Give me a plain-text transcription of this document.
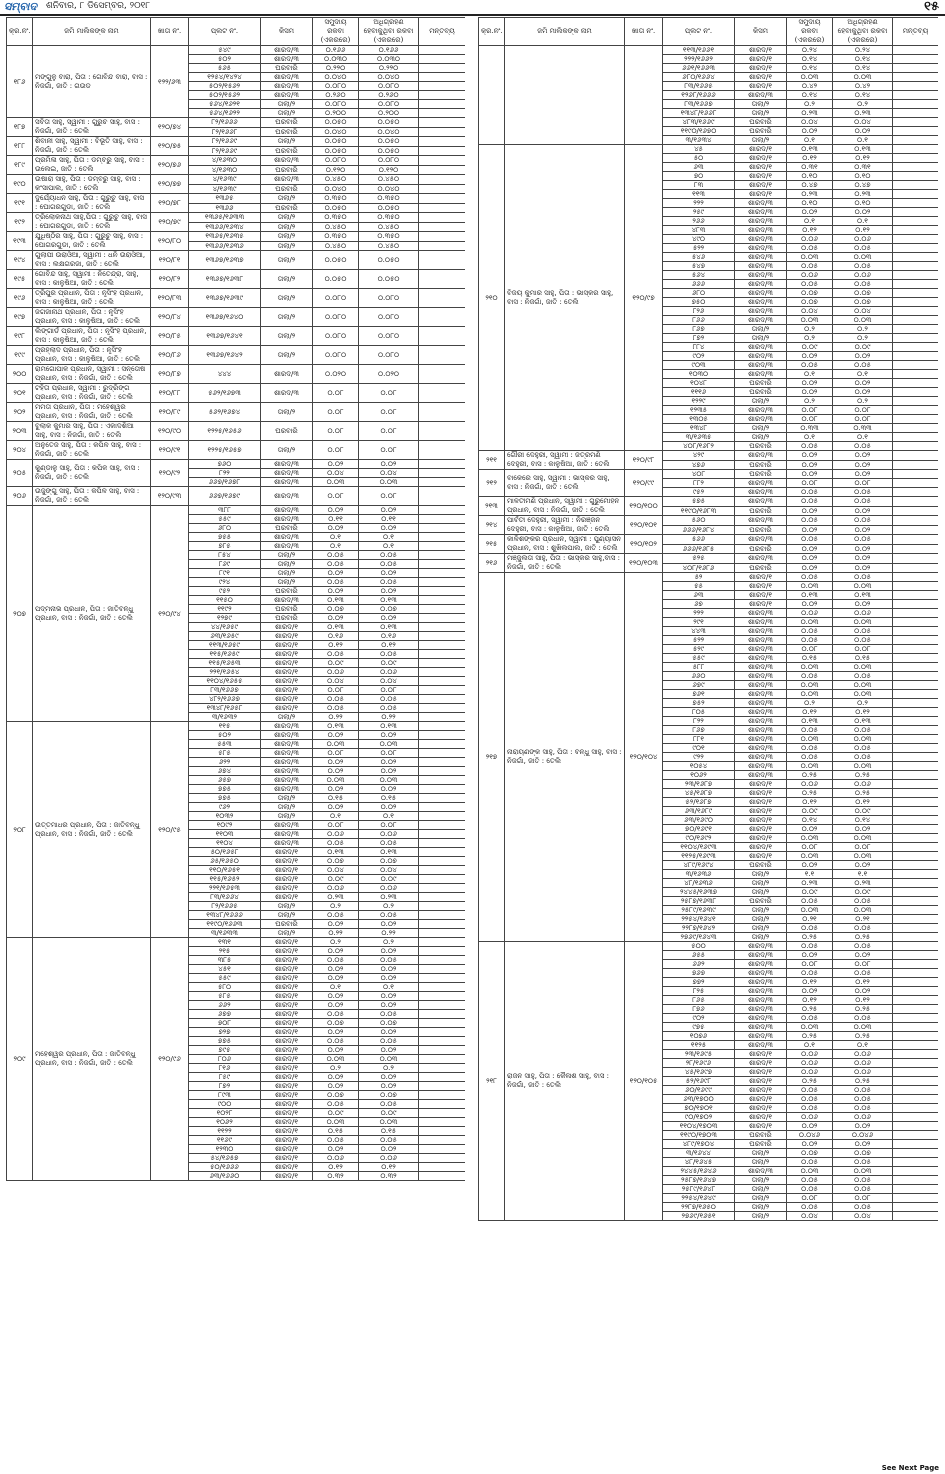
ସମ୍ବାଦ ଶନିବାର, ୮ ଡିସେମ୍ବର, ୨୦୧୮	୧୫
କ୍ର.ନଂ.	ଜମି ମାଲିକଙ୍କ ନାମ	ଖାତା ନଂ.	ପ୍ଲଟ ନଂ.	କିସମ	ସମୁଦାୟ ରକବା (ଏକରରେ)	ଅଧିଗ୍ରହଣ ହେବାକୁଥିବା ରକବା (ଏକରରେ)	ମନ୍ତବ୍ୟ
୧୮୬	ମଙ୍ଗୁଳୁ ବାରା, ପିତା : ଗୋବିନ୍ଦ ବାରା, ବାସ : ନିଜଗାଁ, ଜାତି : ଗଉଡ	୧୨୨/୬୩	୫୪୯	ଶାରଦ/୩	୦.୧୬୬	୦.୧୬୬	
			୫୦୨	ଶାରଦ/୩	୦.୦୩୦	୦.୦୩୦	
			୫୬୫	ଘରବାରି	୦.୨୨୦	୦.୨୨୦	
			୧୨୫୪/୧୪୨୪	ଶାରଦ/୩	୦.୦୪୦	୦.୦୪୦	
			୫୦୨/୧୫୬୨	ଶାରଦ/୩	୦.୦୮୦	୦.୦୮୦	
			୫୦୨/୧୫୬୨	ଶାରଦ/୩	୦.୨୬୦	୦.୨୬୦	
			୫୬୪/୧୬୨୧	ତାଲା/୨	୦.୦୮୦	୦.୦୮୦	
			୫୬୪/୧୬୨୨	ତାଲା/୨	୦.୨୦୦	୦.୨୦୦	
୧୮୭	ସବିତା ସାହୁ, ସ୍ୱାମୀ : ଗୁରୁଚ ସାହୁ, ବାସ : ନିଜଗାଁ, ଜାତି : ତେଲି	୧୨୦/୭୪	୮୨/୧୬୬୬	ଘରବାରି	୦.୦୫୦	୦.୦୫୦	
			୮୨/୧୬୬୮	ଘରବାରି	୦.୦୪୦	୦.୦୪୦	
୧୮୮	ଶିବାନୀ ସାହୁ, ସ୍ୱାମୀ : ବିଭୂତି ସାହୁ, ବାସ : ନିଜଗାଁ, ଜାତି : ତେଲି	୧୨୦/୭୫	୮୨/୧୬୬୯	ତାଲା/୨	୦.୦୫୦	୦.୦୫୦	
			୮୨/୧୬୬୯	ଘରବାରି	୦.୦୫୦	୦.୦୫୦	
୧୮୯	ପ୍ରମିଳା ସାହୁ, ପିତା : ଡମ୍ବରୁ ସାହୁ, ବାସ : ଉଲେଇ, ଜାତି : ତେଲି	୧୨୦/୭୬	୪/୧୬୩୦	ଶାରଦ/୩	୦.୦୮୦	୦.୦୮୦	
			୪/୧୬୩୦	ଘରବାରି	୦.୧୨୦	୦.୧୨୦	
୧୯୦	ଉଷାରା ସାହୁ, ପିତା : ଡମ୍ବରୁ ସାହୁ, ବାସ : କଂସାପାଲ, ଜାତି : ତେଲି	୧୨୦/୭୭	୪/୧୬୩୯	ଶାରଦ/୩	୦.୪୫୦	୦.୪୫୦	
			୪/୧୬୩୯	ଘରବାରି	୦.୦୪୦	୦.୦୪୦	
୧୯୧	ଦୁର୍ଯ୍ୟୋଧନ ସାହୁ, ପିତା : ଗୁରୁଚୁ ସାହୁ, ବାସ : ଘୋଗରଗୁଡା, ଜାତି : ତେଲି	୧୨୦/୭୮	୧୩୬୫	ତାଲା/୨	୦.୩୫୦	୦.୩୫୦	
			୧୩୬୬	ଘରବାରି	୦.୦୫୦	୦.୦୫୦	
୧୯୨	ତ୍ରିଲୋକନାଥ ସାହୁ,ପିତା : ଗୁରୁଚୁ ସାହୁ, ବାସ : ଘୋଗରଗୁଡା, ଜାତି : ତେଲି	୧୨୦/୭୯	୧୩୬୫/୧୬୩୩	ତାଲା/୨	୦.୩୫୦	୦.୩୫୦	
			୧୩୬୬/୧୬୩୪	ତାଲା/୨	୦.୪୫୦	୦.୪୫୦	
୧୯୩	ଯୁଧିଷ୍ଠିର ସାହୁ, ପିତା : ଗୁରୁଚୁ ସାହୁ, ବାସ : ଘୋଗରଗୁଡା, ଜାତି : ତେଲି	୧୨୦/୮୦	୧୩୬୫/୧୬୩୫	ତାଲା/୨	୦.୩୫୦	୦.୩୫୦	
			୧୩୬୬/୧୬୩୬	ତାଲା/୨	୦.୪୫୦	୦.୪୫୦	
୧୯୪	ଗୁଲାପୀ ଉରାଓଁଆ, ସ୍ୱାମୀ : ଧନି ଉରାଓଁଆ, ବାସ : ଲକ୍ଷଗରଜା, ଜାତି : ତେଲି	୧୨୦/୮୧	୧୩୬୭/୧୬୩୭	ତାଲା/୨	୦.୦୫୦	୦.୦୫୦	
୧୯୫	ଗୋବିନ୍ଦ ସାହୁ, ସ୍ୱାମୀ : ନିତେନ୍ଦ୍ରା, ସାହୁ, ବାସ : କାଳୁଷିଆ, ଜାତି : ତେଲି	୧୨୦/୮୨	୧୩୬୭/୧୬୩୮	ତାଲା/୨	୦.୦୫୦	୦.୦୫୦	
୧୯୬	ତ୍ରିପୁର ପ୍ରଧାନ, ପିତା : ନୃସିଂହ ପ୍ରଧାନ, ବାସ : କାଳୁଷିଆ, ଜାତି : ତେଲି	୧୨୦/୮୩	୧୩୬୭/୧୬୩୯	ତାଲା/୨	୦.୦୮୦	୦.୦୮୦	
୧୯୭	ଜଗଜାନାଥ ପ୍ରଧାନ, ପିତା : ନୃସିଂହ ପ୍ରଧାନ, ବାସ : କାଳୁଷିଆ, ଜାତି : ତେଲି	୧୨୦/୮୪	୧୩୬୭/୧୬୪୦	ତାଲା/୨	୦.୦୮୦	୦.୦୮୦	
୧୯୮	ଲିଙ୍ଗାର୍ଡ ପ୍ରଧାନ, ପିତା : ନୃସିଂହ ପ୍ରଧାନ, ବାସ : କାଳୁଷିଆ, ଜାତି : ତେଲି	୧୨୦/୮୫	୧୩୬୭/୧୬୪୧	ତାଲା/୨	୦.୦୮୦	୦.୦୮୦	
୧୯୯	ପ୍ରହ୍ଲାଦ ପ୍ରଧାନ, ପିତା : ନୃସିଂହ ପ୍ରଧାନ, ବାସ : କାଳୁଷିଆ, ଜାତି : ତେଲି	୧୨୦/୮୬	୧୩୬୭/୧୬୪୨	ତାଲା/୨	୦.୦୮୦	୦.୦୮୦	
୨୦୦	ରାମଗୋପାଳ ପ୍ରଧାନ, ସ୍ୱାମୀ : ସନ୍ତୋଷ ପ୍ରଧାନ, ବାସ : ନିଜଗାଁ, ଜାତି : ତେଲି	୧୨୦/୮୭	୪୪୪	ଶାରଦ/୩	୦.୦୨୦	୦.୦୨୦	
୨୦୧	ଟହିତା ପ୍ରଧାନ, ସ୍ୱାମୀ : ରୁଦ୍ରିଙ୍ଗ ପ୍ରଧାନ, ବାସ : ନିଜଗାଁ, ଜାତି : ତେଲି	୧୨୦/୮୮	୫୬୨/୧୬୭୩	ଶାରଦ/୩	୦.୦୮	୦.୦୮	
୨୦୨	ମମତା ପ୍ରଧାନ, ପିତା : ମହେଶ୍ୱର ପ୍ରଧାନ, ବାସ : ନିଜଗାଁ, ଜାତି : ତେଲି	୧୨୦/୮୯	୫୬୨/୧୬୭୪	ତାଲା/୨	୦.୦୮	୦.୦୮	
୨୦୩	ବୁଲାକ କୁମାର ସାହୁ, ପିତା : ଏକାଦଶିଆ ସାହୁ, ବାସ : ନିଜଗାଁ, ଜାତି : ତେଲି	୧୨୦/୯୦	୧୨୨୫/୧୬୫୬	ଘରବାରି	୦.୦୮	୦.୦୮	
୨୦୪	ଅନୁତେଜ ସାହୁ, ପିତା : କପିଳ ସାହୁ, ବାସ : ନିଜଗାଁ, ଜାତି : ତେଲି	୧୨୦/୯୧	୧୨୨୫/୧୬୫୭	ତାଲା/୨	୦.୦୮	୦.୦୮	
୨୦୫	କୁଣ୍ଡାଳୁ ସାହୁ, ପିତା : କପିଳ ସାହୁ, ବାସ : ନିଜଗାଁ, ଜାତି : ତେଲି	୧୨୦/୯୨	୭୬୦	ଶାରଦ/୩	୦.୦୨	୦.୦୨	
			୮୨୨	ଶାରଦ/୩	୦.୦୪	୦.୦୪	
			୬୬୭/୧୬୭୮	ଶାରଦ/୩	୦.୦୩	୦.୦୩	
୨୦୬	ଉଜୁଙ୍ଗୁ ସାହୁ, ପିତା : କପିଳ ସାହୁ, ବାସ : ନିଜଗାଁ, ଜାତି : ତେଲି	୧୨୦/୯୩	୬୬୭/୧୬୭୯	ଶାରଦ/୩	୦.୦୮	୦.୦୮	
୨୦୭	ପଦ୍ମନାଭ ପ୍ରଧାନ, ପିତା : ଜାତିବନ୍ଧୁ ପ୍ରଧାନ, ବାସ : ନିଜଗାଁ, ଜାତି : ତେଲି	୧୨୦/୯୪	୩୮୮	ଶାରଦ/୩	୦.୦୨	୦.୦୨	
			୫୫୯	ଶାରଦ/୩	୦.୧୧	୦.୧୧	
			୬୮୦	ଘରବାରି	୦.୦୨	୦.୦୨	
			୭୫୫	ଶାରଦ/୩	୦.୧	୦.୧	
			୭୮୫	ଶାରଦ/୩	୦.୧	୦.୧	
			୮୫୪	ତାଲା/୨	୦.୦୫	୦.୦୫	
			୮୬୯	ତାଲା/୨	୦.୦୫	୦.୦୫	
			୮୯୧	ତାଲା/୨	୦.୦୨	୦.୦୨	
			୯୨୪	ତାଲା/୨	୦.୦୫	୦.୦୫	
			୯୫୨	ଘରବାରି	୦.୦୨	୦.୦୨	
			୧୧୫୦	ଶାରଦ/୩	୦.୧୩	୦.୧୩	
			୧୧୯୨	ଘରବାରି	୦.୦୭	୦.୦୭	
			୧୨୭୯	ଘରବାରି	୦.୦୨	୦.୦୨	
			୪୪/୧୬୫୯	ଶାରଦ/୧	୦.୧୩	୦.୧୩	
			୬୩/୧୬୫୯	ଶାରଦ/୧	୦.୧୬	୦.୧୬	
			୧୧୩/୧୬୫୯	ଶାରଦ/୧	୦.୧୨	୦.୧୨	
			୧୧୫/୧୬୫୯	ଶାରଦ/୧	୦.୦୫	୦.୦୫	
			୧୧୫/୧୬୫୩	ଶାରଦ/୧	୦.୦୯	୦.୦୯	
			୨୨୧/୧୬୫୪	ଶାରଦ/୧	୦.୦୬	୦.୦୬	
			୧୧୦୪/୧୬୫୫	ଶାରଦ/୧	୦.୦୪	୦.୦୪	
			୮୩/୧୬୬୭	ଶାରଦ/୧	୦.୦୮	୦.୦୮	
			୪୮୨/୧୬୬୭	ଶାରଦ/୧	୦.୦୫	୦.୦୫	
			୧୩୪୮/୧୬୫୮	ଶାରଦ/୧	୦.୦୫	୦.୦୫	
			୩/୧୬୩୨	ତାଲା/୨	୦.୨୨	୦.୨୨	
୨୦୮	ଉତ୍ତମାଧର ପ୍ରଧାନ, ପିତା : ଜାତିବନ୍ଧୁ ପ୍ରଧାନ, ବାସ : ନିଜଗାଁ, ଜାତି : ତେଲି	୧୨୦/୯୫	୧୧୫	ଶାରଦ/୩	୦.୧୩	୦.୧୩	
			୫୦୨	ଶାରଦ/୩	୦.୦୨	୦.୦୨	
			୫୫୩	ଶାରଦ/୩	୦.୦୩	୦.୦୩	
			୫୮୫	ଶାରଦ/୩	୦.୦୮	୦.୦୮	
			୬୨୨	ଶାରଦ/୩	୦.୦୨	୦.୦୨	
			୬୭୪	ଶାରଦ/୩	୦.୦୨	୦.୦୨	
			୬୫୭	ଶାରଦ/୩	୦.୦୩	୦.୦୩	
			୭୭୫	ଶାରଦ/୩	୦.୦୨	୦.୦୨	
			୭୭୫	ତାଲା/୨	୦.୧୫	୦.୧୫	
			୯୬୨	ତାଲା/୨	୦.୦୨	୦.୦୨	
			୧୦୩୨	ତାଲା/୨	୦.୧	୦.୧	
			୧୦୯୨	ଶାରଦ/୩	୦.୦୮	୦.୦୮	
			୧୧୦୩	ଶାରଦ/୩	୦.୦୬	୦.୦୬	
			୧୧୦୪	ଶାରଦ/୩	୦.୦୫	୦.୦୫	
			୫୦/୧୬୫୮	ଶାରଦ/୧	୦.୧୩	୦.୧୩	
			୬୫/୧୬୫୦	ଶାରଦ/୧	୦.୦୭	୦.୦୭	
			୧୧୦/୧୬୫୧	ଶାରଦ/୧	୦.୦୪	୦.୦୪	
			୧୧୫/୧୬୫୨	ଶାରଦ/୧	୦.୦୯	୦.୦୯	
			୨୨୧/୧୬୫୩	ଶାରଦ/୧	୦.୦୬	୦.୦୬	
			୮୩/୧୬୬୪	ଶାରଦ/୧	୦.୨୩	୦.୨୩	
			୮୨/୧୬୬୫	ତାଲା/୨	୦.୨	୦.୨	
			୧୩୪୮/୧୬୬୬	ତାଲା/୨	୦.୦୫	୦.୦୫	
			୧୧୯୦/୧୬୬୩	ଘରବାରି	୦.୦୨	୦.୦୨	
			୩/୧୬୩୩	ତାଲା/୨	୦.୨୨	୦.୨୨	
୨୦୯	ମହେଶ୍ୱର ପ୍ରଧାନ, ପିତା : ଜାତିବନ୍ଧୁ ପ୍ରଧାନ, ବାସ : ନିଜଗାଁ, ଜାତି : ତେଲି	୧୨୦/୯୬	୧୩୧	ଶାରଦ/୧	୦.୨	୦.୨	
			୨୧୫	ଶାରଦ/୧	୦.୦୨	୦.୦୨	
			୩୮୫	ଶାରଦ/୧	୦.୦୫	୦.୦୫	
			୪୫୧	ଶାରଦ/୧	୦.୦୨	୦.୦୨	
			୫୫୯	ଶାରଦ/୧	୦.୦୨	୦.୦୨	
			୫୮୦	ଶାରଦ/୧	୦.୧	୦.୧	
			୫୮୫	ଶାରଦ/୧	୦.୦୨	୦.୦୨	
			୬୬୨	ଶାରଦ/୧	୦.୦୨	୦.୦୨	
			୬୭୭	ଶାରଦ/୧	୦.୦୫	୦.୦୫	
			୭୦୮	ଶାରଦ/୧	୦.୦୭	୦.୦୭	
			୭୨୭	ଶାରଦ/୧	୦.୦୨	୦.୦୨	
			୭୭୫	ଶାରଦ/୧	୦.୦୫	୦.୦୫	
			୭୯୫	ଶାରଦ/୧	୦.୦୨	୦.୦୨	
			୮୦୬	ଶାରଦ/୧	୦.୦୩	୦.୦୩	
			୮୧୬	ଶାରଦ/୧	୦.୨	୦.୨	
			୮୫୯	ଶାରଦ/୧	୦.୦୨	୦.୦୨	
			୮୭୨	ଶାରଦ/୧	୦.୦୨	୦.୦୨	
			୮୯୩	ଶାରଦ/୧	୦.୦୭	୦.୦୭	
			୯୦୦	ଶାରଦ/୧	୦.୦୫	୦.୦୫	
			୧୦୨୮	ଶାରଦ/୧	୦.୦୯	୦.୦୯	
			୧୦୬୨	ଶାରଦ/୧	୦.୦୩	୦.୦୩	
			୧୧୨୨	ଶାରଦ/୧	୦.୧୫	୦.୧୫	
			୧୧୬୯	ଶାରଦ/୧	୦.୦୫	୦.୦୫	
			୧୨୩୦	ଶାରଦ/୧	୦.୦୨	୦.୦୨	
			୫୪/୧୬୫୭	ଶାରଦ/୧	୦.୦୬	୦.୦୬	
			୫୦/୧୬୬୬	ଶାରଦ/୧	୦.୧୨	୦.୧୨	
			୬୩/୧୬୬୦	ଶାରଦ/୧	୦.୩୨	୦.୩୨	
କ୍ର.ନଂ.	ଜମି ମାଲିକଙ୍କ ନାମ	ଖାତା ନଂ.	ପ୍ଲଟ ନଂ.	କିସମ	ସମୁଦାୟ ରକବା (ଏକରରେ)	ଅଧିଗ୍ରହଣ ହେବାକୁଥିବା ରକବା (ଏକରରେ)	ମନ୍ତବ୍ୟ
			୧୧୩/୧୬୬୧	ଶାରଦ/୧	୦.୨୪	୦.୨୪	
			୨୨୨/୧୬୬୨	ଶାରଦ/୧	୦.୧୪	୦.୧୪	
			୬୬୧/୧୬୬୩	ଶାରଦ/୧	୦.୧୪	୦.୧୪	
			୬୮୦/୧୬୬୪	ଶାରଦ/୧	୦.୦୩	୦.୦୩	
			୮୩/୧୬୬୫	ଶାରଦ/୧	୦.୪୨	୦.୪୨	
			୧୨୬୮/୧୬୬୬	ଶାରଦ/୩	୦.୧୪	୦.୧୪	
			୮୩/୧୬୬୭	ତାଲା/୨	୦.୨	୦.୨	
			୧୩୪୮/୧୬୬୮	ତାଲା/୨	୦.୨୩	୦.୨୩	
			୪୮୩/୧୬୬୯	ଘରବାରି	୦.୦୪	୦.୦୪	
			୧୧୯୦/୧୬୭୦	ଘରବାରି	୦.୦୨	୦.୦୨	
			୩/୧୬୩୪	ତାଲା/୨	୦.୧	୦.୧	
୨୧୦	ବିଜୟ କୁମାର ସାହୁ, ପିତା : ଭାସ୍କର ସାହୁ, ବାସ : ନିଜଗାଁ, ଜାତି : ତେଲି	୧୨୦/୯୭	୪୫	ଶାରଦ/୧	୦.୧୩	୦.୧୩	
			୫୦	ଶାରଦ/୧	୦.୧୨	୦.୧୨	
			୬୩	ଶାରଦ/୧	୦.୩୧	୦.୩୧	
			୭୦	ଶାରଦ/୧	୦.୧୦	୦.୧୦	
			୮୩	ଶାରଦ/୧	୦.୪୭	୦.୪୭	
			୧୧୩	ଶାରଦ/୧	୦.୨୩	୦.୨୩	
			୨୨୨	ଶାରଦ/୩	୦.୧୦	୦.୧୦	
			୨୫୯	ଶାରଦ/୩	୦.୦୨	୦.୦୨	
			୨୬୬	ଶାରଦ/୩	୦.୧	୦.୧	
			୪୮୩	ଶାରଦ/୩	୦.୧୨	୦.୧୨	
			୪୯୦	ଶାରଦ/୩	୦.୦୬	୦.୦୬	
			୫୨୨	ଶାରଦ/୩	୦.୦୫	୦.୦୫	
			୫୪୬	ଶାରଦ/୩	୦.୦୩	୦.୦୩	
			୫୪୭	ଶାରଦ/୩	୦.୦୫	୦.୦୫	
			୫୬୪	ଶାରଦ/୩	୦.୦୬	୦.୦୬	
			୬୬୬	ଶାରଦ/୩	୦.୦୫	୦.୦୫	
			୬୮୦	ଶାରଦ/୩	୦.୦୭	୦.୦୭	
			୭୫୦	ଶାରଦ/୩	୦.୦୭	୦.୦୭	
			୮୨୬	ଶାରଦ/୩	୦.୦୪	୦.୦୪	
			୮୬୬	ଶାରଦ/୩	୦.୦୩	୦.୦୩	
			୮୬୭	ତାଲା/୨	୦.୨	୦.୨	
			୮୭୨	ତାଲା/୨	୦.୨	୦.୨	
			୮୮୪	ଶାରଦ/୩	୦.୦୯	୦.୦୯	
			୯୦୨	ଶାରଦ/୩	୦.୦୨	୦.୦୨	
			୯୦୩	ଶାରଦ/୩	୦.୦୫	୦.୦୫	
			୧୦୩୦	ଶାରଦ/୩	୦.୧	୦.୧	
			୧୦୪୮	ଘରବାରି	୦.୦୨	୦.୦୨	
			୧୧୧୬	ଘରବାରି	୦.୦୨	୦.୦୨	
			୧୨୨୯	ତାଲା/୨	୦.୨	୦.୨	
			୧୨୩୫	ଶାରଦ/୩	୦.୦୮	୦.୦୮	
			୧୩୦୫	ଶାରଦ/୩	୦.୦୮	୦.୦୮	
			୧୩୪୮	ତାଲା/୨	୦.୩୩	୦.୩୩	
			୩/୧୬୩୫	ତାଲା/୨	୦.୧	୦.୧	
			୪୦୮/୧୬୮୨	ଘରବାରି	୦.୦୫	୦.୦୫	
୨୧୧	ଗୌରୀ ଦେହୁରୀ, ସ୍ୱାମୀ : ଜତ୍ରମଣି ଦେହୁରୀ, ବାସ : କାଳୁଷିଆ, ଜାତି : ତେଲି	୧୨୦/୯୮	୪୨୯	ଶାରଦ/୩	୦.୦୨	୦.୦୨	
			୪୭୬	ଘରବାରି	୦.୦୨	୦.୦୨	
୨୧୨	ବାକେରେ ସାହୁ, ସ୍ୱାମୀ : ଭାସ୍କର ସାହୁ, ବାସ : ନିଜଗାଁ, ଜାତି : ତେଲି	୧୨୦/୯୯	୪୦୮	ଘରବାରି	୦.୦୨	୦.୦୨	
			୮୮୨	ଶାରଦ/୩	୦.୦୮	୦.୦୮	
			୯୫୨	ଶାରଦ/୩	୦.୦୫	୦.୦୫	
୨୧୩	ମାଳତୀମଣି ପ୍ରଧାନ, ସ୍ୱାମୀ : ଗୁରୁମୋହନ ପ୍ରଧାନ, ବାସ : ନିଜଗାଁ, ଜାତି : ତେଲି	୧୨୦/୧୦୦	୫୭୫	ଶାରଦ/୩	୦.୦୫	୦.୦୫	
			୧୧୯୦/୧୬୮୩	ଘରବାରି	୦.୦୨	୦.୦୨	
୨୧୪	ପାର୍ବତୀ ଦେହୁରୀ, ସ୍ୱାମୀ : ନିରଞ୍ଜନ ଦେହୁରୀ, ବାସ : କାଳୁଷିଆ, ଜାତି : ତେଲି	୧୨୦/୧୦୧	୫୬୦	ଶାରଦ/୩	୦.୦୫	୦.୦୫	
			୬୬୬/୧୬୮୪	ଘରବାରି	୦.୦୨	୦.୦୨	
୨୧୫	କାଳିଶଙ୍କର ପ୍ରଧାନ, ସ୍ୱାମୀ : ପୁଣ୍ୟାସନ ପ୍ରଧାନ, ବାସ : ଶୁଖିଲପାଲ, ଜାତି : ତେଲି	୧୨୦/୧୦୨	୫୬୬	ଶାରଦ/୩	୦.୦୫	୦.୦୫	
			୬୬୬/୧୬୮୫	ଘରବାରି	୦.୦୨	୦.୦୨	
୨୧୬	ମଞ୍ଜୁଲତା ସାହୁ, ପିତା : ଭାସ୍କର ସାହୁ,ବାସ : ନିଜଗାଁ, ଜାତି : ତେଲି	୧୨୦/୧୦୩	୫୨୫	ଶାରଦ/୩	୦.୦୨	୦.୦୨	
			୪୦୮/୧୬୮୬	ଘରବାରି	୦.୦୨	୦.୦୨	
୨୧୭	ନାରାୟଣଙ୍କ ସାହୁ, ପିତା : ବନ୍ଧୁ ସାହୁ, ବାସ : ନିଜଗାଁ, ଜାତି : ତେଲି	୧୨୦/୧୦୪	୫୨	ଶାରଦ/୧	୦.୦୫	୦.୦୫	
			୫୫	ଶାରଦ/୧	୦.୦୩	୦.୦୩	
			୬୩	ଶାରଦ/୧	୦.୧୩	୦.୧୩	
			୬୭	ଶାରଦ/୧	୦.୦୨	୦.୦୨	
			୨୨୨	ଶାରଦ/୩	୦.୦୬	୦.୦୬	
			୨୯୧	ଶାରଦ/୩	୦.୦୩	୦.୦୩	
			୪୪୩	ଶାରଦ/୩	୦.୦୫	୦.୦୫	
			୫୨୨	ଶାରଦ/୩	୦.୦୫	୦.୦୫	
			୫୨୯	ଶାରଦ/୩	୦.୦୮	୦.୦୮	
			୫୫୯	ଶାରଦ/୩	୦.୧୫	୦.୧୫	
			୫୮୮	ଶାରଦ/୩	୦.୦୩	୦.୦୩	
			୬୬୦	ଶାରଦ/୩	୦.୦୫	୦.୦୫	
			୬୭୯	ଶାରଦ/୩	୦.୦୩	୦.୦୩	
			୭୬୧	ଶାରଦ/୩	୦.୦୩	୦.୦୩	
			୭୫୨	ଶାରଦ/୩	୦.୨	୦.୨	
			୮୦୫	ଶାରଦ/୩	୦.୧୨	୦.୧୨	
			୮୨୨	ଶାରଦ/୩	୦.୧୩	୦.୧୩	
			୮୬୭	ଶାରଦ/୩	୦.୦୫	୦.୦୫	
			୮୮୧	ଶାରଦ/୩	୦.୦୩	୦.୦୩	
			୯୦୧	ଶାରଦ/୩	୦.୦୫	୦.୦୫	
			୯୨୨	ଶାରଦ/୩	୦.୦୫	୦.୦୫	
			୧୦୫୪	ଶାରଦ/୩	୦.୦୩	୦.୦୩	
			୧୦୬୨	ଶାରଦ/୩	୦.୨୫	୦.୨୫	
			୨୩/୧୬୮୭	ଶାରଦ/୧	୦.୦୬	୦.୦୬	
			୪୫/୧୬୮୭	ଶାରଦ/୧	୦.୨୫	୦.୨୫	
			୫୨/୧୬୮୭	ଶାରଦ/୧	୦.୧୨	୦.୧୨	
			୬୩/୧୬୮୯	ଶାରଦ/୧	୦.୦୯	୦.୦୯	
			୬୩/୧୬୯୦	ଶାରଦ/୧	୦.୧୪	୦.୧୪	
			୭୦/୧୬୯୧	ଶାରଦ/୧	୦.୦୨	୦.୦୨	
			୯୦/୧୬୯୨	ଶାରଦ/୧	୦.୦୩	୦.୦୩	
			୧୧୦୪/୧୬୯୩	ଶାରଦ/୧	୦.୦୮	୦.୦୮	
			୧୧୨୫/୧୬୯୩	ଶାରଦ/୧	୦.୦୩	୦.୦୩	
			୪୮୯/୧୬୯୪	ଘରବାରି	୦.୦୨	୦.୦୨	
			୩/୧୬୩୬	ତାଲା/୨	୧.୧	୧.୧	
			୪୮/୧୬୩୬	ତାଲା/୨	୦.୨୩	୦.୨୩	
			୨୪୪୫/୧୬୩୭	ତାଲା/୨	୦.୦୯	୦.୦୯	
			୨୫୮୭/୧୬୩୮	ଘରବାରି	୦.୦୫	୦.୦୫	
			୨୫୮୯/୧୬୩୯	ତାଲା/୨	୦.୦୩	୦.୦୩	
			୨୨୫୪/୧୬୪୧	ତାଲା/୨	୦.୨୧	୦.୨୧	
			୨୨୮୭/୧୬୪୨	ତାଲା/୨	୦.୦୫	୦.୦୫	
			୨୭୬୯/୧୬୪୩	ତାଲା/୨	୦.୨୫	୦.୨୫	
୨୧୮	ରାଜନ ସାହୁ, ପିତା : କୈଳାଶ ସାହୁ, ବାସ : ନିଜଗାଁ, ଜାତି : ତେଲି	୧୨୦/୧୦୫	୫୦୦	ଶାରଦ/୩	୦.୦୫	୦.୦୫	
			୬୫୫	ଶାରଦ/୩	୦.୦୨	୦.୦୨	
			୬୬୨	ଶାରଦ/୩	୦.୦୮	୦.୦୮	
			୭୬୭	ଶାରଦ/୩	୦.୦୫	୦.୦୫	
			୭୭୨	ଶାରଦ/୩	୦.୧୨	୦.୧୨	
			୮୨୫	ଶାରଦ/୩	୦.୦୨	୦.୦୨	
			୮୬୫	ଶାରଦ/୩	୦.୧୨	୦.୧୨	
			୮୭୬	ଶାରଦ/୩	୦.୨୫	୦.୨୫	
			୯୦୨	ଶାରଦ/୩	୦.୦୫	୦.୦୫	
			୯୭୫	ଶାରଦ/୩	୦.୦୩	୦.୦୩	
			୧୦୭୬	ଶାରଦ/୩	୦.୨୫	୦.୨୫	
			୧୧୨୫	ଶାରଦ/୩	୦.୧	୦.୧	
			୨୩/୧୬୯୫	ଶାରଦ/୧	୦.୦୬	୦.୦୬	
			୨୮/୧୬୯୬	ଶାରଦ/୧	୦.୦୬	୦.୦୬	
			୪୫/୧୬୯୭	ଶାରଦ/୧	୦.୦୬	୦.୦୬	
			୫୨/୧୬୯୮	ଶାରଦ/୧	୦.୨୫	୦.୨୫	
			୬୦/୧୬୯୯	ଶାରଦ/୧	୦.୦୫	୦.୦୫	
			୬୩/୧୭୦୦	ଶାରଦ/୧	୦.୦୫	୦.୦୫	
			୭୦/୧୭୦୧	ଶାରଦ/୧	୦.୦୫	୦.୦୫	
			୯୦/୧୭୦୨	ଶାରଦ/୧	୦.୦୬	୦.୦୬	
			୧୧୦୪/୧୭୦୩	ଶାରଦ/୧	୦.୦୨	୦.୦୨	
			୧୧୯୦/୧୭୦୩	ଘରବାରି	୦.୦୪୬	୦.୦୪୬	
			୪୮୯/୧୭୦୪	ଘରବାରି	୦.୦୨	୦.୦୨	
			୩/୧୬୪୪	ତାଲା/୨	୦.୦୭	୦.୦୭	
			୪୮/୧୬୪୫	ତାଲା/୨	୦.୦୫	୦.୦୫	
			୨୪୪୫/୧୬୪୬	ଶାରଦ/୩	୦.୦୩	୦.୦୩	
			୨୫୮୭/୧୬୪୭	ତାଲା/୨	୦.୦୫	୦.୦୫	
			୨୫୮୯/୧୬୪୮	ତାଲା/୨	୦.୦୫	୦.୦୫	
			୨୨୫୪/୧୬୪୯	ତାଲା/୨	୦.୦୮	୦.୦୮	
			୨୨୮୭/୧୬୫୦	ତାଲା/୨	୦.୦୫	୦.୦୫	
			୨୭୬୯/୧୬୫୧	ତାଲା/୨	୦.୦୪	୦.୦୪	
See Next Page
